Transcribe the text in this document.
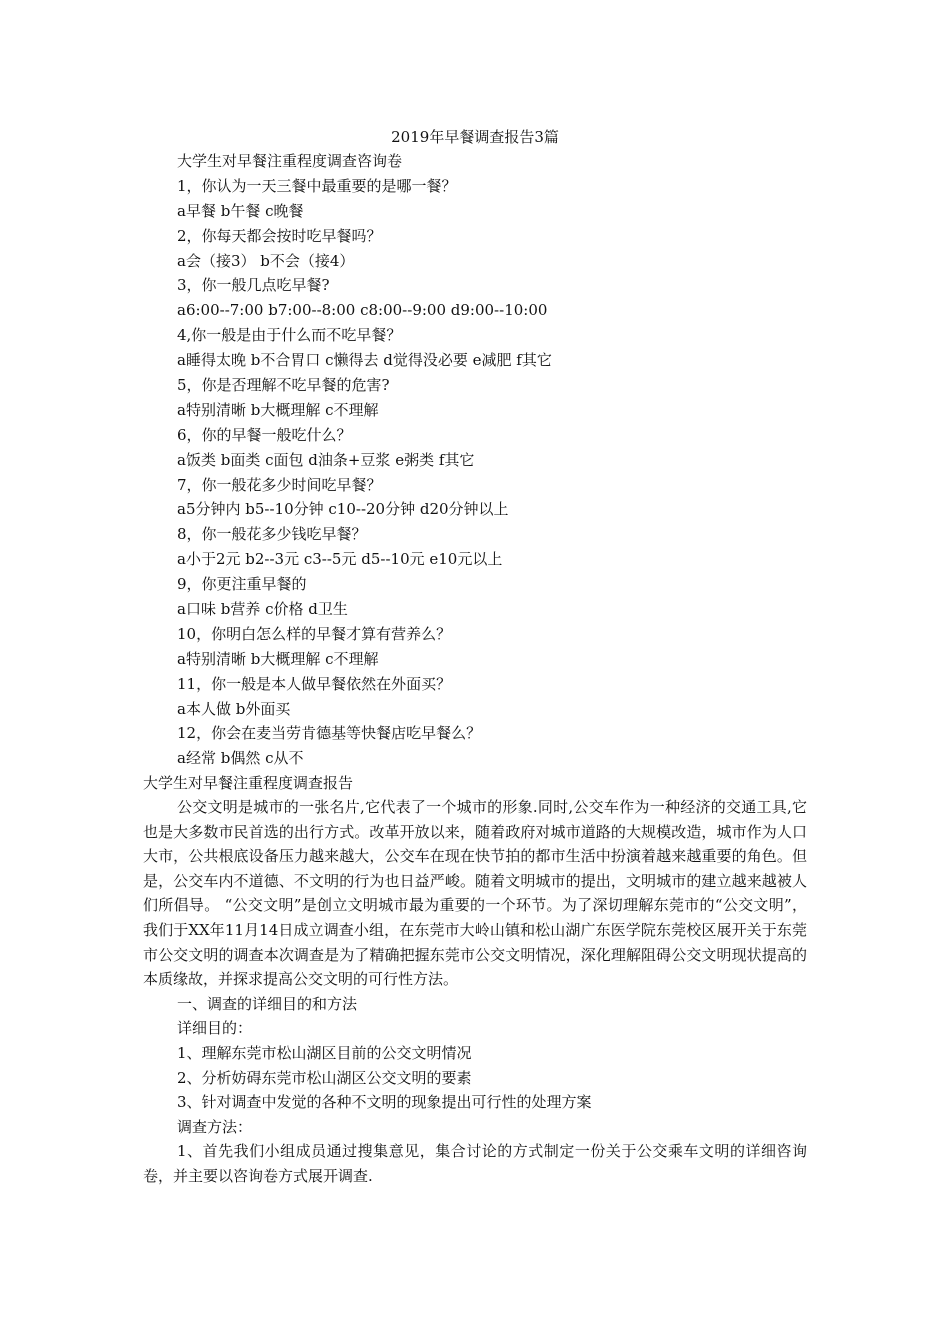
2019年早餐调查报告3篇
大学生对早餐注重程度调查咨询卷
1，你认为一天三餐中最重要的是哪一餐？
a早餐 b午餐 c晚餐
2，你每天都会按时吃早餐吗？
a会（接3） b不会（接4）
3，你一般几点吃早餐?
a6:00--7:00 b7:00--8:00 c8:00--9:00 d9:00--10:00
4,你一般是由于什么而不吃早餐？
a睡得太晚 b不合胃口 c懒得去 d觉得没必要 e减肥 f其它
5，你是否理解不吃早餐的危害?
a特别清晰 b大概理解 c不理解
6，你的早餐一般吃什么？
a饭类 b面类 c面包 d油条+豆浆 e粥类 f其它
7，你一般花多少时间吃早餐？
a5分钟内 b5--10分钟 c10--20分钟 d20分钟以上
8，你一般花多少钱吃早餐？
a小于2元 b2--3元 c3--5元 d5--10元 e10元以上
9，你更注重早餐的
a口味 b营养 c价格 d卫生
10，你明白怎么样的早餐才算有营养么？
a特别清晰 b大概理解 c不理解
11，你一般是本人做早餐依然在外面买？
a本人做 b外面买
12，你会在麦当劳肯德基等快餐店吃早餐么？
a经常 b偶然 c从不
大学生对早餐注重程度调查报告

公交文明是城市的一张名片,它代表了一个城市的形象.同时,公交车作为一种经济的交通工具,它也是大多数市民首选的出行方式。改革开放以来，随着政府对城市道路的大规模改造，城市作为人口大市，公共根底设备压力越来越大，公交车在现在快节拍的都市生活中扮演着越来越重要的角色。但是，公交车内不道德、不文明的行为也日益严峻。随着文明城市的提出，文明城市的建立越来越被人们所倡导。 “公交文明”是创立文明城市最为重要的一个环节。为了深切理解东莞市的“公交文明”，我们于XX年11月14日成立调查小组，在东莞市大岭山镇和松山湖广东医学院东莞校区展开关于东莞市公交文明的调查本次调查是为了精确把握东莞市公交文明情况，深化理解阻碍公交文明现状提高的本质缘故，并探求提高公交文明的可行性方法。

一、调查的详细目的和方法
详细目的：
1、理解东莞市松山湖区目前的公交文明情况
2、分析妨碍东莞市松山湖区公交文明的要素
3、针对调查中发觉的各种不文明的现象提出可行性的处理方案
调查方法：

1、首先我们小组成员通过搜集意见，集合讨论的方式制定一份关于公交乘车文明的详细咨询卷，并主要以咨询卷方式展开调查.
